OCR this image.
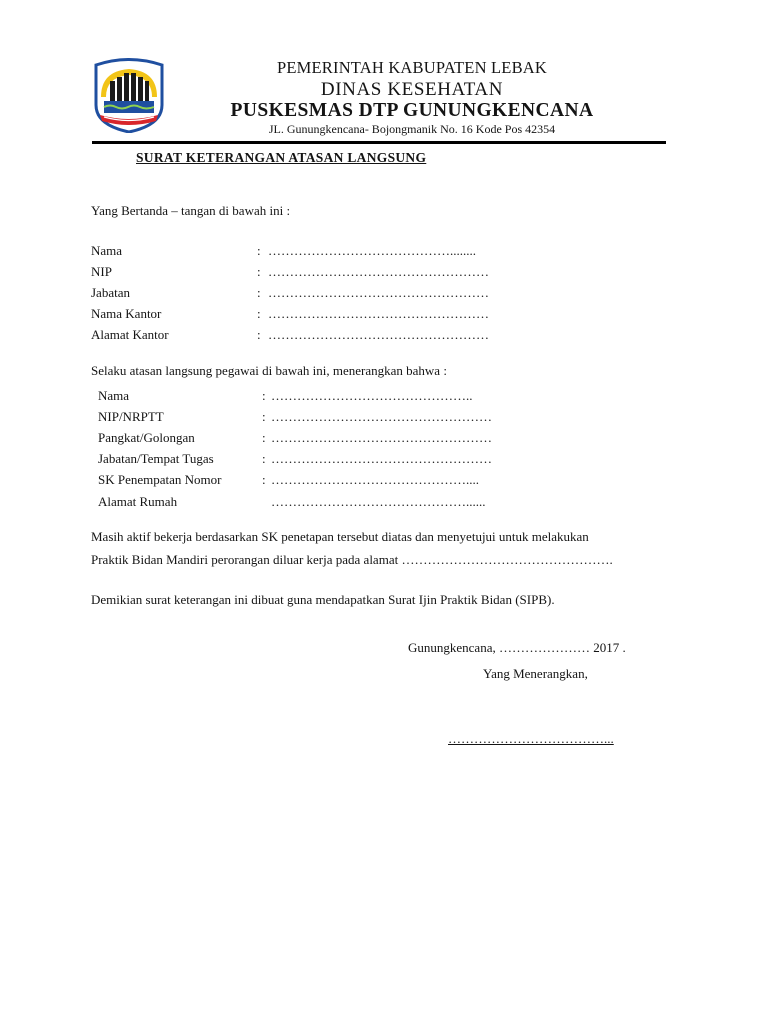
PEMERINTAH KABUPATEN LEBAK
DINAS KESEHATAN
PUSKESMAS DTP GUNUNGKENCANA
JL. Gunungkencana- Bojongmanik No. 16 Kode Pos 42354
SURAT KETERANGAN ATASAN LANGSUNG
Yang Bertanda – tangan di bawah ini :
Nama	: ……………………………………........
NIP	: ……………………………………………
Jabatan	: ……………………………………………
Nama Kantor	: ……………………………………………
Alamat Kantor	: ……………………………………………
Selaku atasan langsung pegawai di bawah ini, menerangkan bahwa :
Nama	: ………………………………………..
NIP/NRPTT	: ……………………………………………
Pangkat/Golongan	: ……………………………………………
Jabatan/Tempat Tugas	: ……………………………………………
SK Penempatan Nomor	: ………………………………………....
Alamat Rumah	………………………………………......
Masih aktif bekerja berdasarkan SK penetapan tersebut diatas dan menyetujui untuk melakukan
Praktik Bidan Mandiri perorangan diluar kerja pada alamat ………………………………………….
Demikian surat keterangan ini dibuat guna mendapatkan Surat Ijin Praktik Bidan (SIPB).
Gunungkencana, ………………… 2017 .
Yang Menerangkan,
………………………………...
